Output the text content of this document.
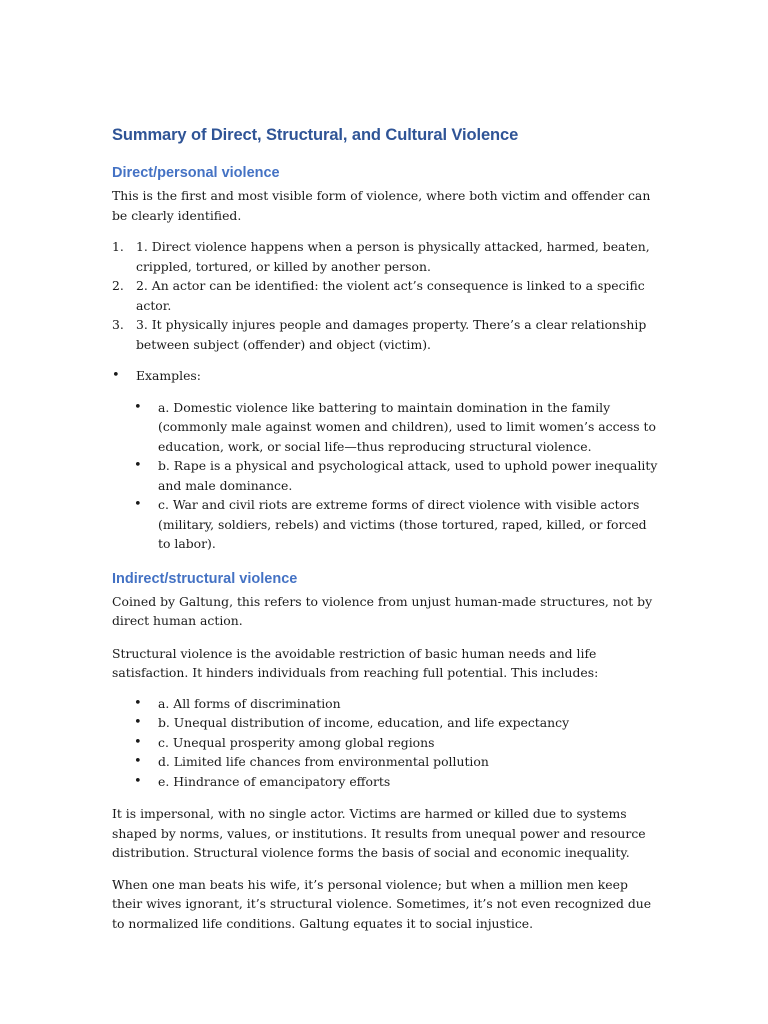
Summary of Direct, Structural, and Cultural Violence
Direct/personal violence

This is the first and most visible form of violence, where both victim and offender can be clearly identified.

1. 1. Direct violence happens when a person is physically attacked, harmed, beaten, crippled, tortured, or killed by another person.
2. 2. An actor can be identified: the violent act’s consequence is linked to a specific actor.
3. 3. It physically injures people and damages property. There’s a clear relationship between subject (offender) and object (victim).
• Examples:
• a. Domestic violence like battering to maintain domination in the family (commonly male against women and children), used to limit women’s access to education, work, or social life—thus reproducing structural violence.
• b. Rape is a physical and psychological attack, used to uphold power inequality and male dominance.
• c. War and civil riots are extreme forms of direct violence with visible actors (military, soldiers, rebels) and victims (those tortured, raped, killed, or forced to labor).
Indirect/structural violence

Coined by Galtung, this refers to violence from unjust human-made structures, not by direct human action.

Structural violence is the avoidable restriction of basic human needs and life satisfaction. It hinders individuals from reaching full potential. This includes:

• a. All forms of discrimination
• b. Unequal distribution of income, education, and life expectancy
• c. Unequal prosperity among global regions
• d. Limited life chances from environmental pollution
• e. Hindrance of emancipatory efforts

It is impersonal, with no single actor. Victims are harmed or killed due to systems shaped by norms, values, or institutions. It results from unequal power and resource distribution. Structural violence forms the basis of social and economic inequality.

When one man beats his wife, it’s personal violence; but when a million men keep their wives ignorant, it’s structural violence. Sometimes, it’s not even recognized due to normalized life conditions. Galtung equates it to social injustice.
